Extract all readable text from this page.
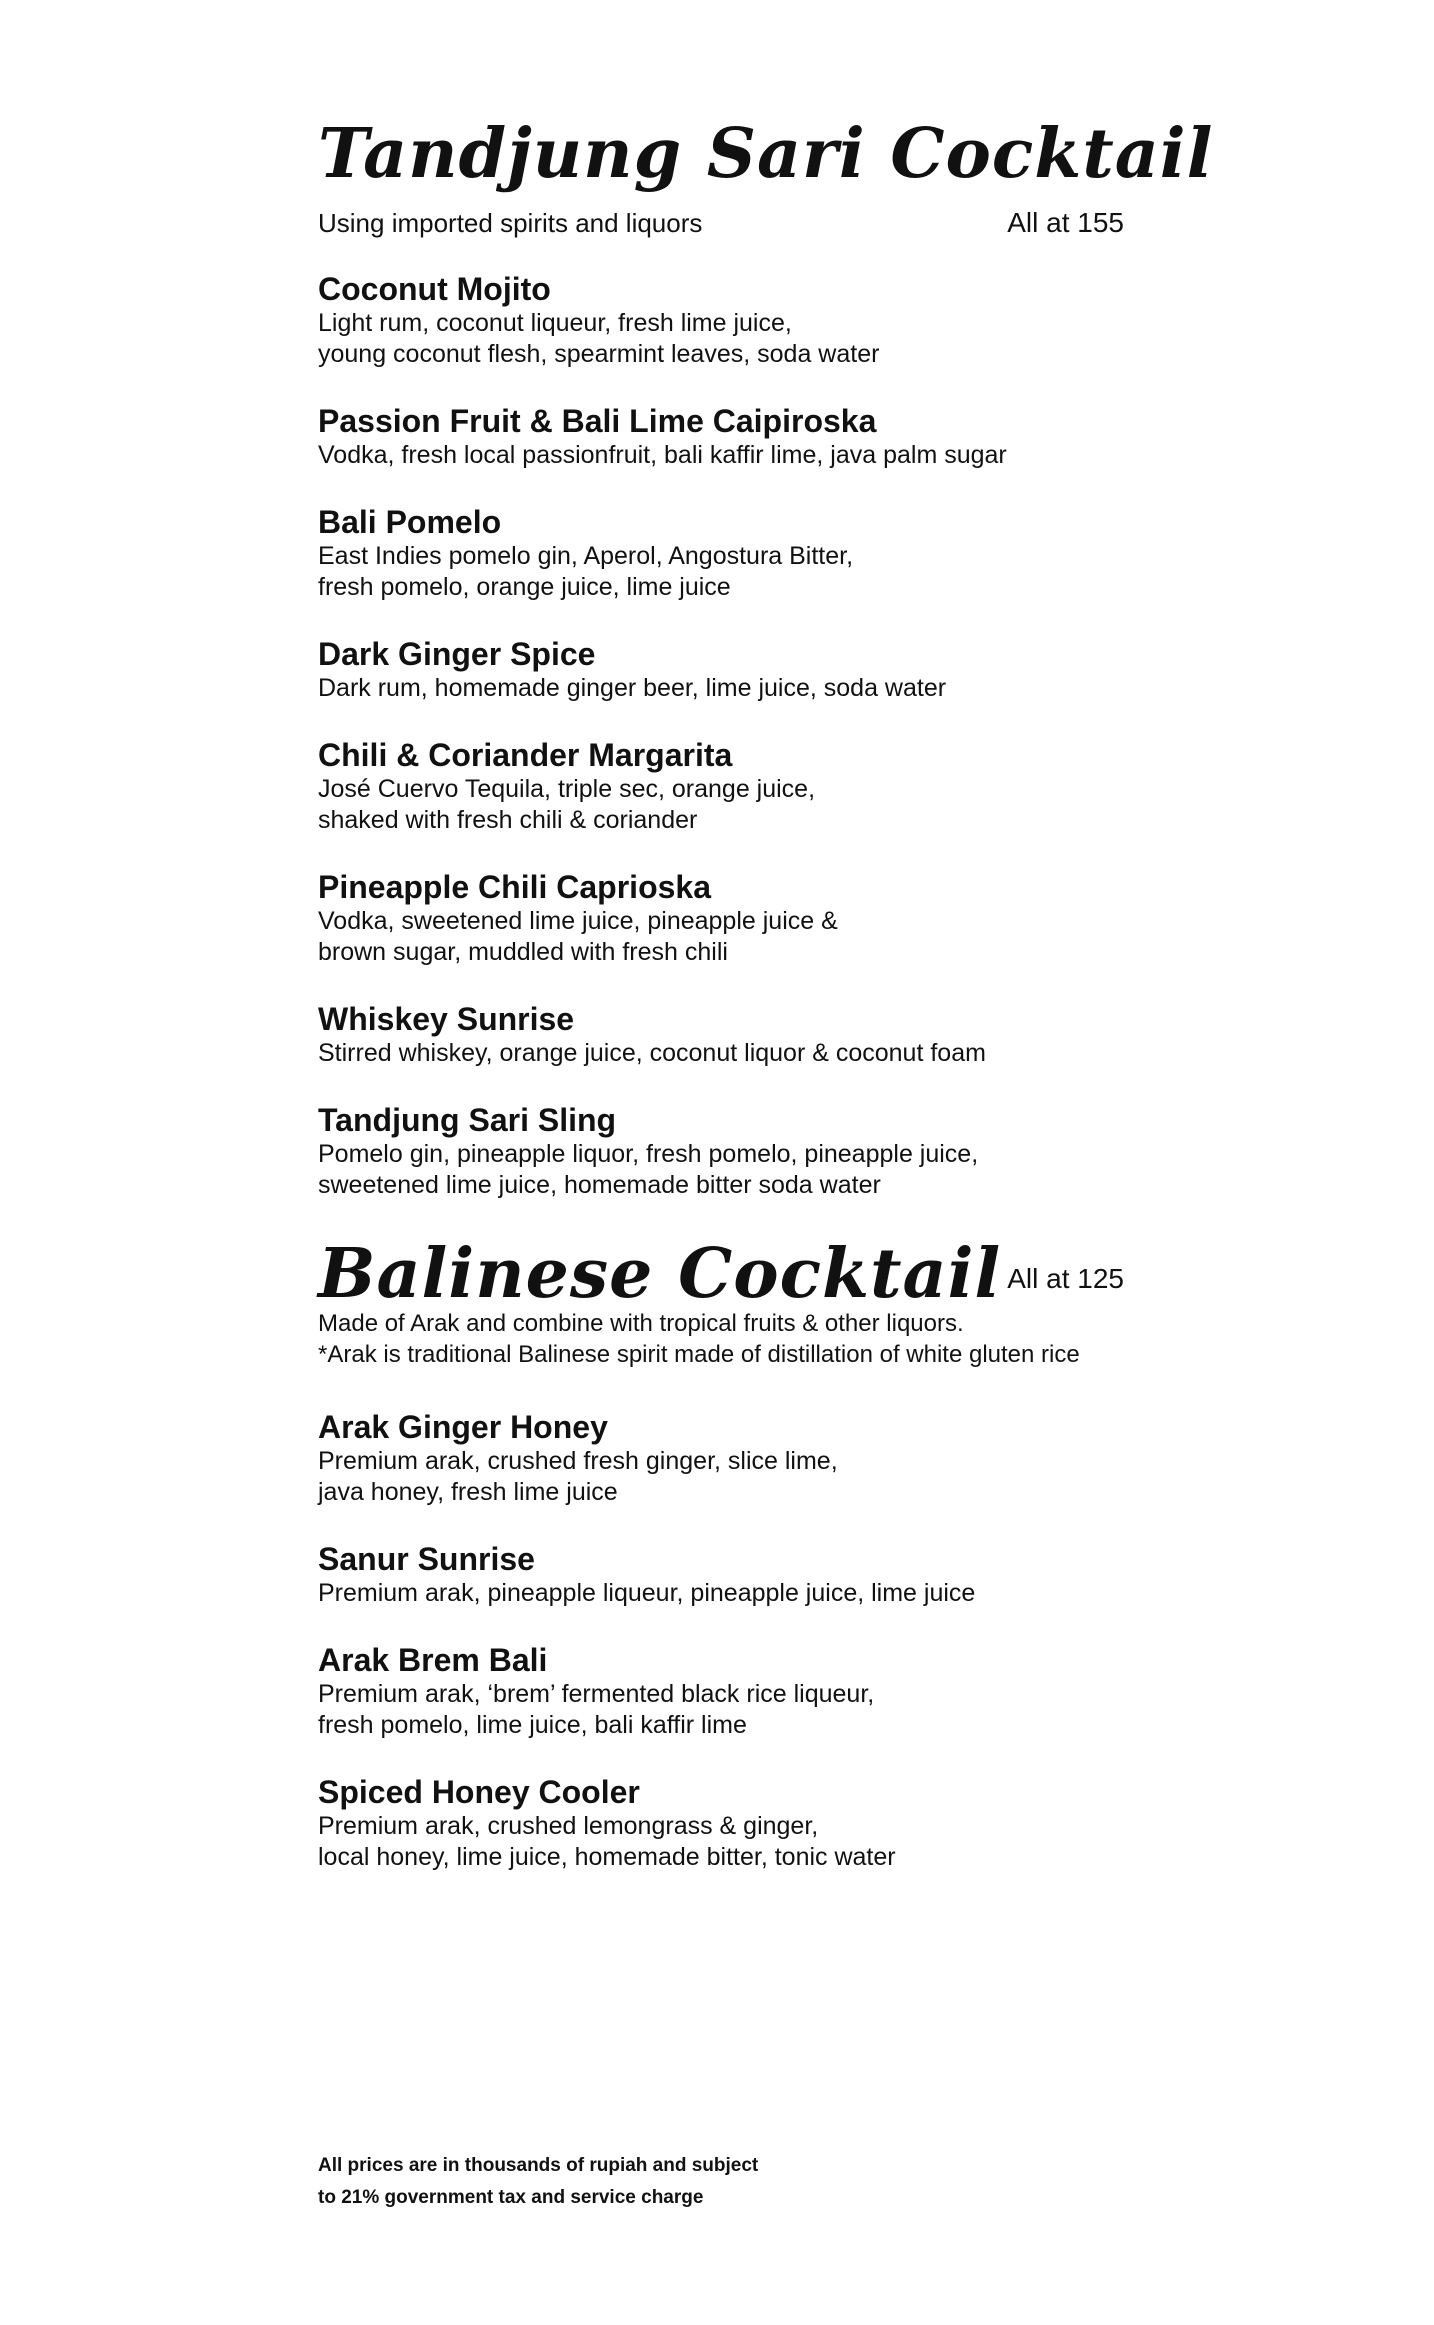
Tandjung Sari Cocktail

Using imported spirits and liquors	All at 155

Coconut Mojito

Light rum, coconut liqueur, fresh lime juice,
young coconut flesh, spearmint leaves, soda water

Passion Fruit & Bali Lime Caipiroska

Vodka, fresh local passionfruit, bali kaffir lime, java palm sugar

Bali Pomelo

East Indies pomelo gin, Aperol, Angostura Bitter,
fresh pomelo, orange juice, lime juice

Dark Ginger Spice

Dark rum, homemade ginger beer, lime juice, soda water

Chili & Coriander Margarita

José Cuervo Tequila, triple sec, orange juice,
shaked with fresh chili & coriander

Pineapple Chili Caprioska

Vodka, sweetened lime juice, pineapple juice &
brown sugar, muddled with fresh chili

Whiskey Sunrise

Stirred whiskey, orange juice, coconut liquor & coconut foam

Tandjung Sari Sling

Pomelo gin, pineapple liquor, fresh pomelo, pineapple juice,
sweetened lime juice, homemade bitter soda water

Balinese Cocktail All at 125

Made of Arak and combine with tropical fruits & other liquors.

*Arak is traditional Balinese spirit made of distillation of white gluten rice

Arak Ginger Honey

Premium arak, crushed fresh ginger, slice lime,
java honey, fresh lime juice

Sanur Sunrise

Premium arak, pineapple liqueur, pineapple juice, lime juice

Arak Brem Bali

Premium arak, ‘brem’ fermented black rice liqueur,
fresh pomelo, lime juice, bali kaffir lime

Spiced Honey Cooler

Premium arak, crushed lemongrass & ginger,
local honey, lime juice, homemade bitter, tonic water

All prices are in thousands of rupiah and subject
to 21% government tax and service charge
